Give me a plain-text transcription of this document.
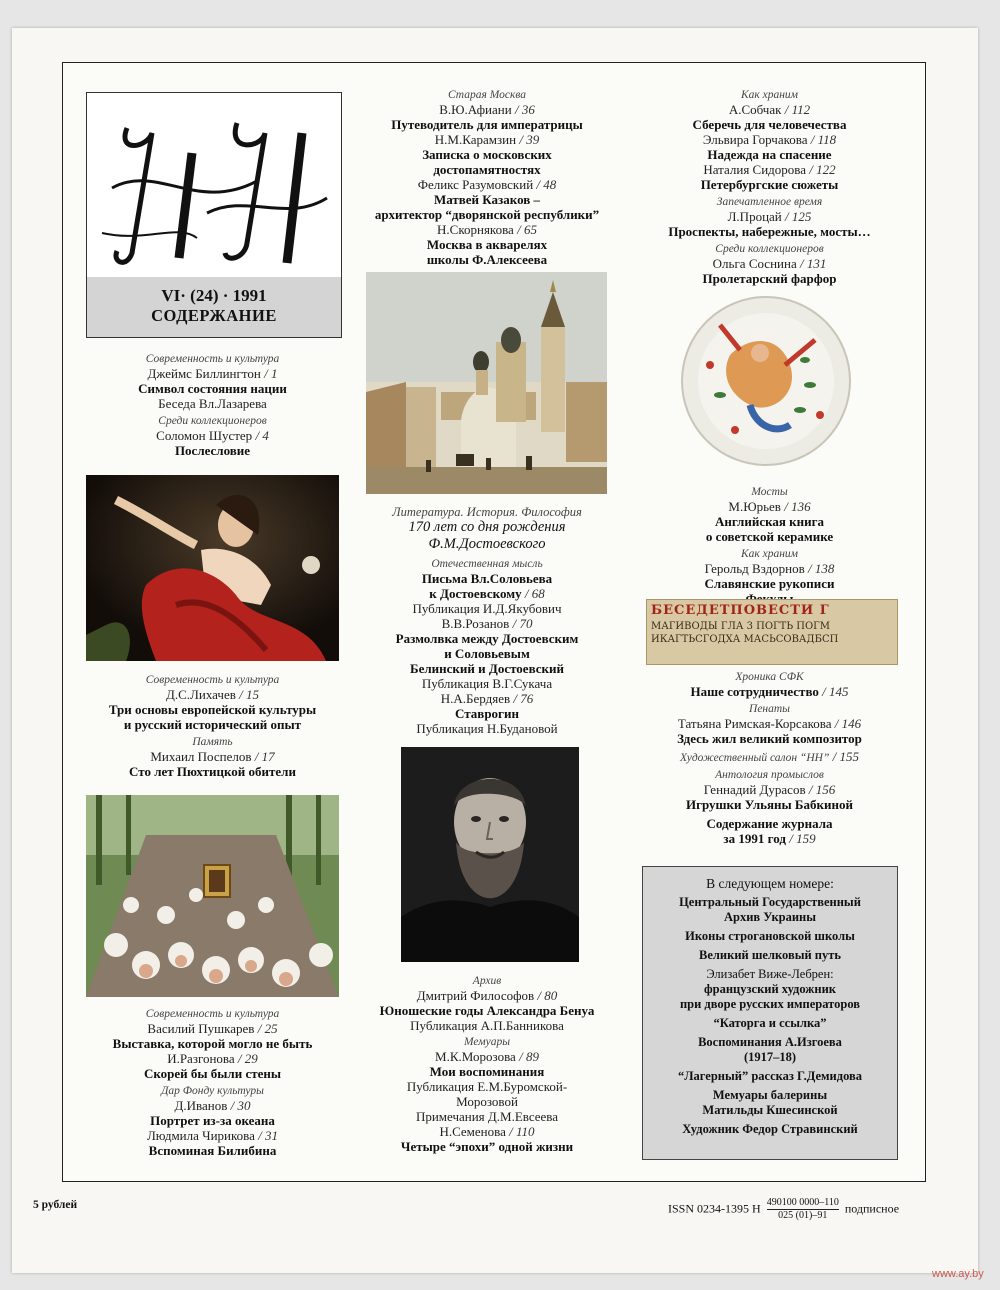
VI· (24) · 1991
СОДЕРЖАНИЕ
Современность и культура
Джеймс Биллингтон / 1
Символ состояния нации
Беседа Вл.Лазарева
Среди коллекционеров
Соломон Шустер / 4
Послесловие
Современность и культура
Д.С.Лихачев / 15
Три основы европейской культуры
и русский исторический опыт
Память
Михаил Поспелов / 17
Сто лет Пюхтицкой обители
Современность и культура
Василий Пушкарев / 25
Выставка, которой могло не быть
И.Разгонова / 29
Скорей бы были стены
Дар Фонду культуры
Д.Иванов / 30
Портрет из-за океана
Людмила Чирикова / 31
Вспоминая Билибина
Старая Москва
В.Ю.Афиани / 36
Путеводитель для императрицы
Н.М.Карамзин / 39
Записка о московских
достопамятностях
Феликс Разумовский / 48
Матвей Казаков –
архитектор “дворянской республики”
Н.Скорнякова / 65
Москва в акварелях
школы Ф.Алексеева
Литература. История. Философия
170 лет со дня рождения
Ф.М.Достоевского
Отечественная мысль
Письма Вл.Соловьева
к Достоевскому / 68
Публикация И.Д.Якубович
В.В.Розанов / 70
Размолвка между Достоевским
и Соловьевым
Белинский и Достоевский
Публикация В.Г.Сукача
Н.А.Бердяев / 76
Ставрогин
Публикация Н.Будановой
Архив
Дмитрий Философов / 80
Юношеские годы Александра Бенуа
Публикация А.П.Банникова
Мемуары
М.К.Морозова / 89
Мои воспоминания
Публикация Е.М.Буромской-
Морозовой
Примечания Д.М.Евсеева
Н.Семенова / 110
Четыре “эпохи” одной жизни
Как храним
А.Собчак / 112
Сберечь для человечества
Эльвира Горчакова / 118
Надежда на спасение
Наталия Сидорова / 122
Петербургские сюжеты
Запечатленное время
Л.Процай / 125
Проспекты, набережные, мосты…
Среди коллекционеров
Ольга Соснина / 131
Пролетарский фарфор
Мосты
М.Юрьев / 136
Английская книга
о советской керамике
Как храним
Герольд Вздорнов / 138
Славянские рукописи
БЕСЕДЕТПОВЕСТИ Г
МАГИВОДЫ ГЛА 3 ПОГТЬ ПОГМ
ИКАГТЬСГОДХА МАСЬСОВАДБСП
Хроника СФК
Наше сотрудничество / 145
Пенаты
Татьяна Римская-Корсакова / 146
Здесь жил великий композитор
Художественный салон “НН” / 155
Антология промыслов
Геннадий Дурасов / 156
Игрушки Ульяны Бабкиной
Содержание журнала
за 1991 год / 159
В следующем номере:
Центральный Государственный
Архив Украины
Иконы строгановской школы
Великий шелковый путь
Элизабет Виже-Лебрен:
французский художник
при дворе русских императоров
“Каторга и ссылка”
Воспоминания А.Изгоева
(1917–18)
“Лагерный” рассказ Г.Демидова
Мемуары балерины
Матильды Кшесинской
Художник Федор Стравинский
5 рублей	ISSN 0234-1395 Н $\frac{490100 0000-110}{025 (01)-91}$ подписное
www.ay.by
